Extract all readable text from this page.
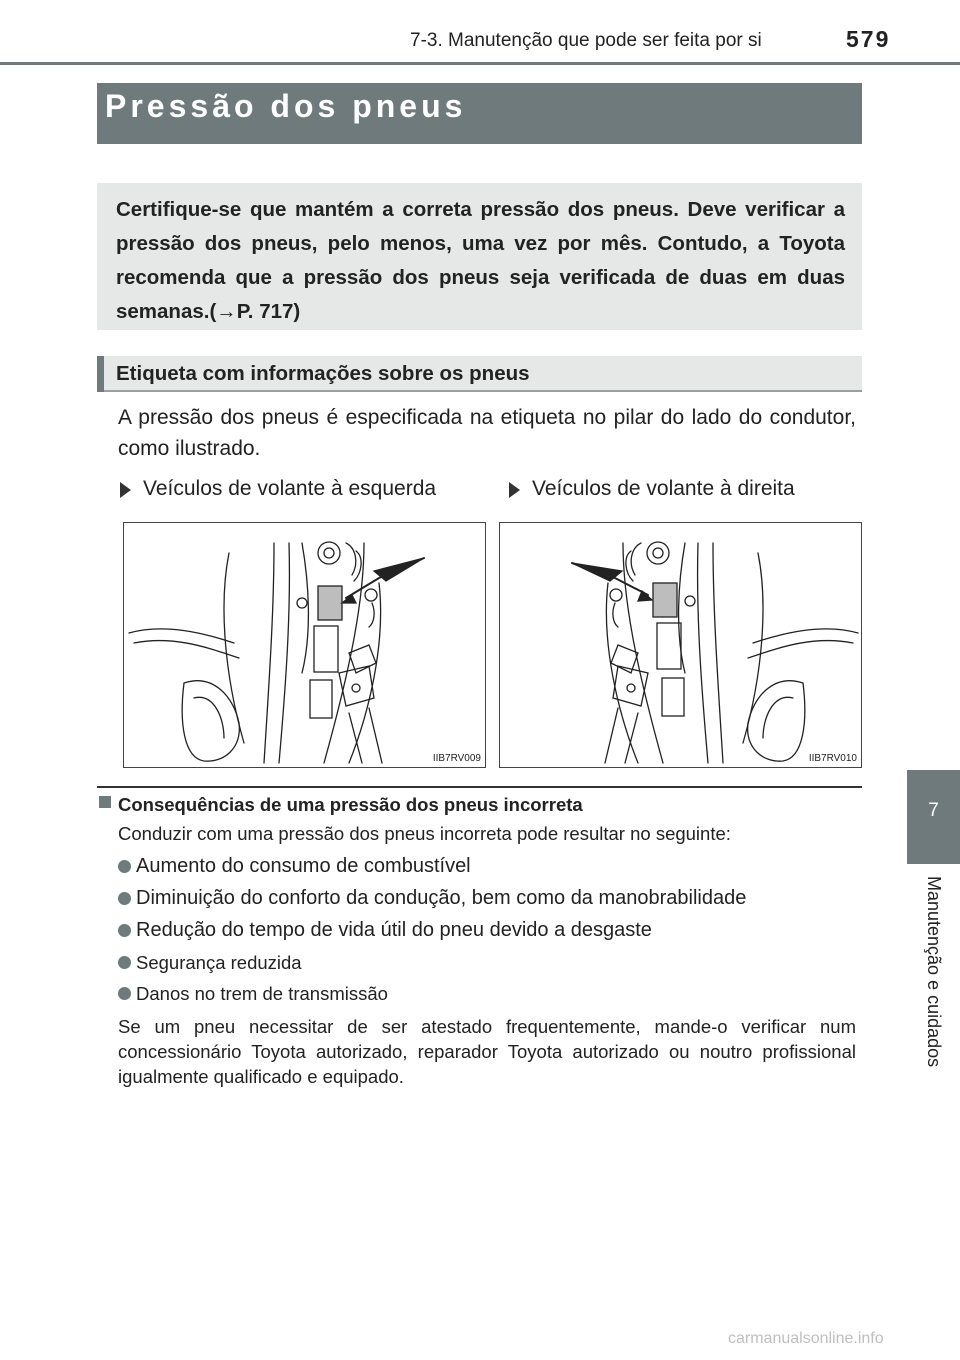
7-3. Manutenção que pode ser feita por si	579
7
Manutenção e cuidados
Pressão dos pneus
Certifique-se que mantém a correta pressão dos pneus. Deve verificar a pressão dos pneus, pelo menos, uma vez por mês. Contudo, a Toyota recomenda que a pressão dos pneus seja verificada de duas em duas semanas.(→P. 717)
Etiqueta com informações sobre os pneus
A pressão dos pneus é especificada na etiqueta no pilar do lado do condutor, como ilustrado.
Veículos de volante à esquerda	Veículos de volante à direita
IIB7RV009	IIB7RV010
Consequências de uma pressão dos pneus incorreta
Conduzir com uma pressão dos pneus incorreta pode resultar no seguinte:
Aumento do consumo de combustível
Diminuição do conforto da condução, bem como da manobrabilidade
Redução do tempo de vida útil do pneu devido a desgaste
Segurança reduzida
Danos no trem de transmissão
Se um pneu necessitar de ser atestado frequentemente, mande-o verificar num concessionário Toyota autorizado, reparador Toyota autorizado ou noutro profissional igualmente qualificado e equipado.
carmanualsonline.info
